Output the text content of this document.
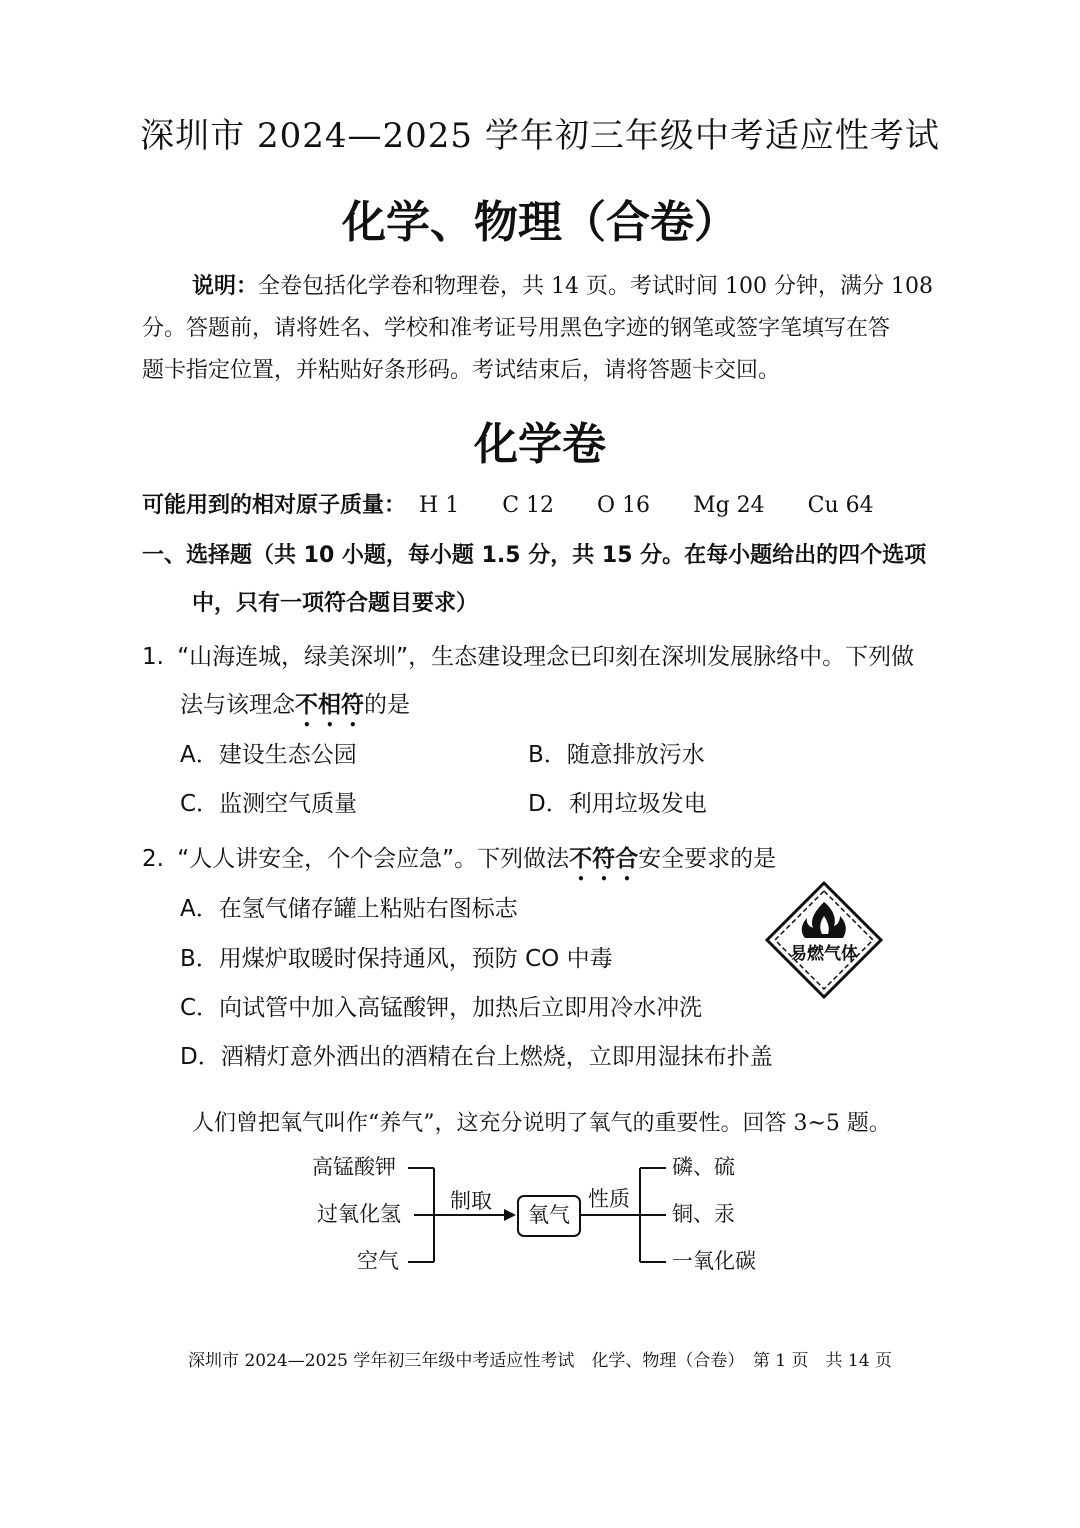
深圳市 2024—2025 学年初三年级中考适应性考试
化学、物理（合卷）
说明：全卷包括化学卷和物理卷，共 14 页。考试时间 100 分钟，满分 108
分。答题前，请将姓名、学校和准考证号用黑色字迹的钢笔或签字笔填写在答
题卡指定位置，并粘贴好条形码。考试结束后，请将答题卡交回。
化学卷
可能用到的相对原子质量： H 1 C 12 O 16 Mg 24 Cu 64
一、选择题（共 10 小题，每小题 1.5 分，共 15 分。在每小题给出的四个选项
中，只有一项符合题目要求）
1. “山海连城，绿美深圳”，生态建设理念已印刻在深圳发展脉络中。下列做
法与该理念不相符的是
A．建设生态公园	B．随意排放污水
C．监测空气质量	D．利用垃圾发电
2. “人人讲安全，个个会应急”。下列做法不符合安全要求的是
A．在氢气储存罐上粘贴右图标志
B．用煤炉取暖时保持通风，预防 CO 中毒
C．向试管中加入高锰酸钾，加热后立即用冷水冲洗
D．酒精灯意外洒出的酒精在台上燃烧，立即用湿抹布扑盖
易燃气体
人们曾把氧气叫作“养气”，这充分说明了氧气的重要性。回答 3~5 题。
高锰酸钾
过氧化氢
空气
制取
氧气
性质
磷、硫
铜、汞
一氧化碳
深圳市 2024—2025 学年初三年级中考适应性考试　化学、物理（合卷）　第 1 页　共 14 页
